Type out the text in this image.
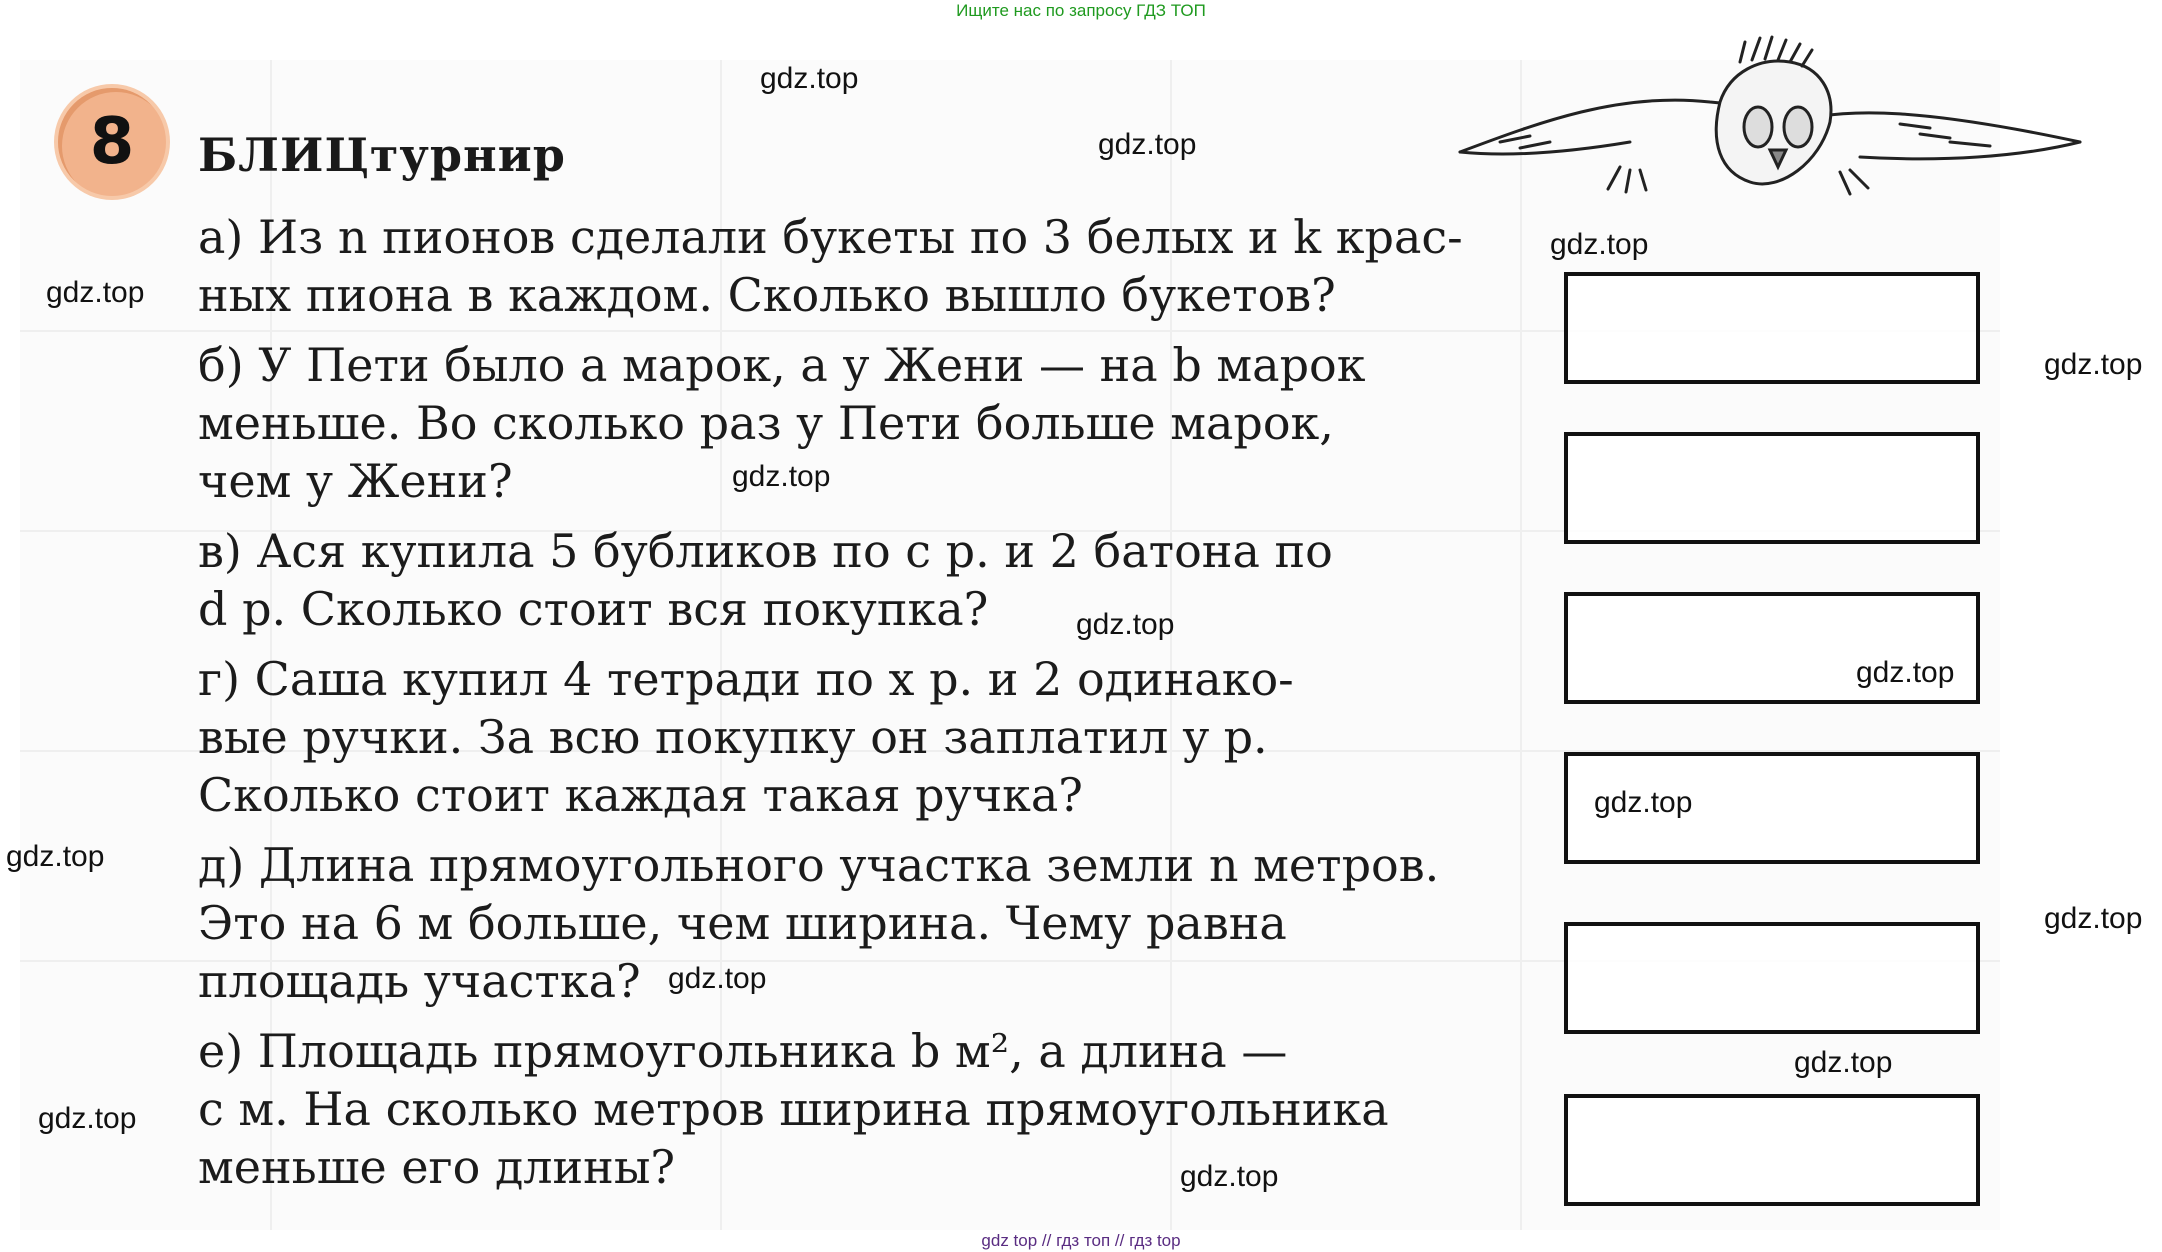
Ищите нас по запросу ГДЗ ТОП
8 БЛИЦтурнир
а) Из n пионов сделали букеты по 3 белых и k крас-
ных пиона в каждом. Сколько вышло букетов?
б) У Пети было a марок, а у Жени — на b марок
меньше. Во сколько раз у Пети больше марок,
чем у Жени?
в) Ася купила 5 бубликов по c р. и 2 батона по
d р. Сколько стоит вся покупка?
г) Саша купил 4 тетради по x р. и 2 одинако-
вые ручки. За всю покупку он заплатил y р.
Сколько стоит каждая такая ручка?
д) Длина прямоугольного участка земли n метров.
Это на 6 м больше, чем ширина. Чему равна
площадь участка?
е) Площадь прямоугольника b м², а длина —
c м. На сколько метров ширина прямоугольника
меньше его длины?
gdz.top
gdz.top
gdz.top
gdz.top
gdz.top
gdz.top
gdz.top
gdz.top
gdz.top
gdz.top
gdz.top
gdz.top
gdz.top
gdz.top
gdz.top
gdz top // гдз топ // гдз top
